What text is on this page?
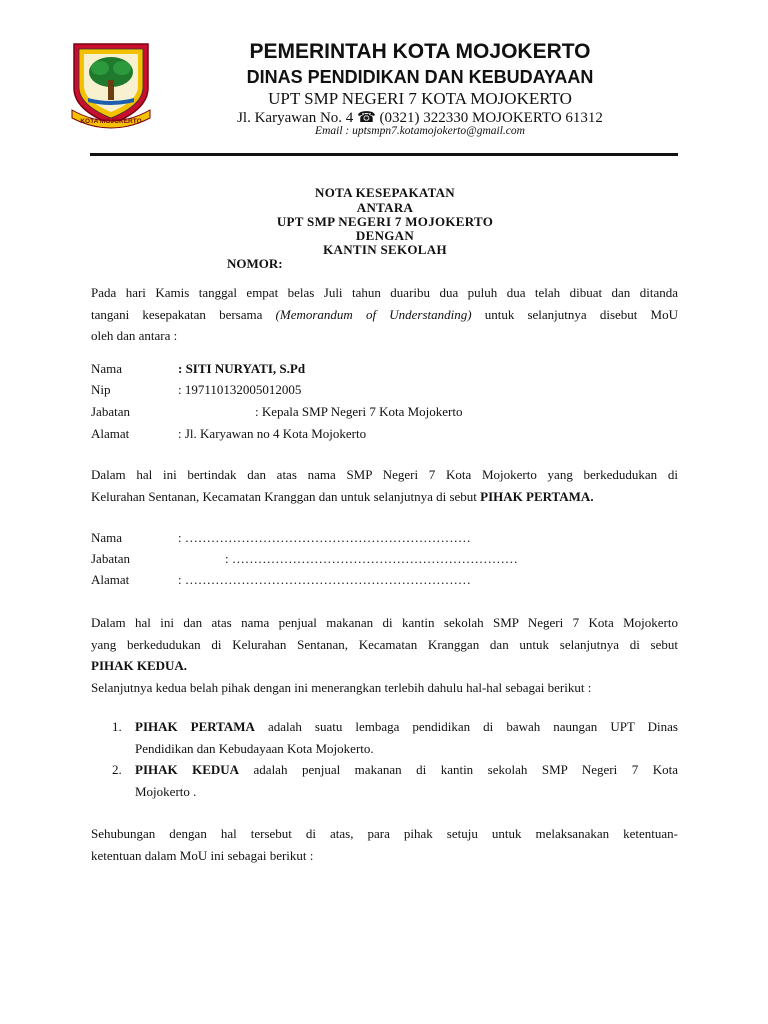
KOTA MOJOKERTO
PEMERINTAH KOTA MOJOKERTO
DINAS PENDIDIKAN DAN KEBUDAYAAN
UPT SMP NEGERI 7 KOTA MOJOKERTO
Jl. Karyawan No. 4 ☎ (0321) 322330 MOJOKERTO 61312
Email : uptsmpn7.kotamojokerto@gmail.com
NOTA KESEPAKATAN
ANTARA
UPT SMP NEGERI 7 MOJOKERTO
DENGAN
KANTIN SEKOLAH
NOMOR:
Pada hari Kamis tanggal empat belas Juli tahun duaribu dua puluh dua telah dibuat dan ditanda
tangani kesepakatan bersama (Memorandum of Understanding) untuk selanjutnya disebut MoU
oleh dan antara :
Nama	: SITI NURYATI, S.Pd
Nip	: 197110132005012005
Jabatan	: Kepala SMP Negeri 7 Kota Mojokerto
Alamat	: Jl. Karyawan no 4 Kota Mojokerto
Dalam hal ini bertindak dan atas nama SMP Negeri 7 Kota Mojokerto yang berkedudukan di
Kelurahan Sentanan, Kecamatan Kranggan dan untuk selanjutnya di sebut PIHAK PERTAMA.
Nama	: …………………………………………………………
Jabatan	: …………………………………………………………
Alamat	: …………………………………………………………
Dalam hal ini dan atas nama penjual makanan di kantin sekolah SMP Negeri 7 Kota Mojokerto
yang berkedudukan di Kelurahan Sentanan, Kecamatan Kranggan dan untuk selanjutnya di sebut
PIHAK KEDUA.
Selanjutnya kedua belah pihak dengan ini menerangkan terlebih dahulu hal-hal sebagai berikut :
1. PIHAK PERTAMA adalah suatu lembaga pendidikan di bawah naungan UPT Dinas
Pendidikan dan Kebudayaan Kota Mojokerto.
2. PIHAK KEDUA adalah penjual makanan di kantin sekolah SMP Negeri 7 Kota
Mojokerto .
Sehubungan dengan hal tersebut di atas, para pihak setuju untuk melaksanakan ketentuan-
ketentuan dalam MoU ini sebagai berikut :
